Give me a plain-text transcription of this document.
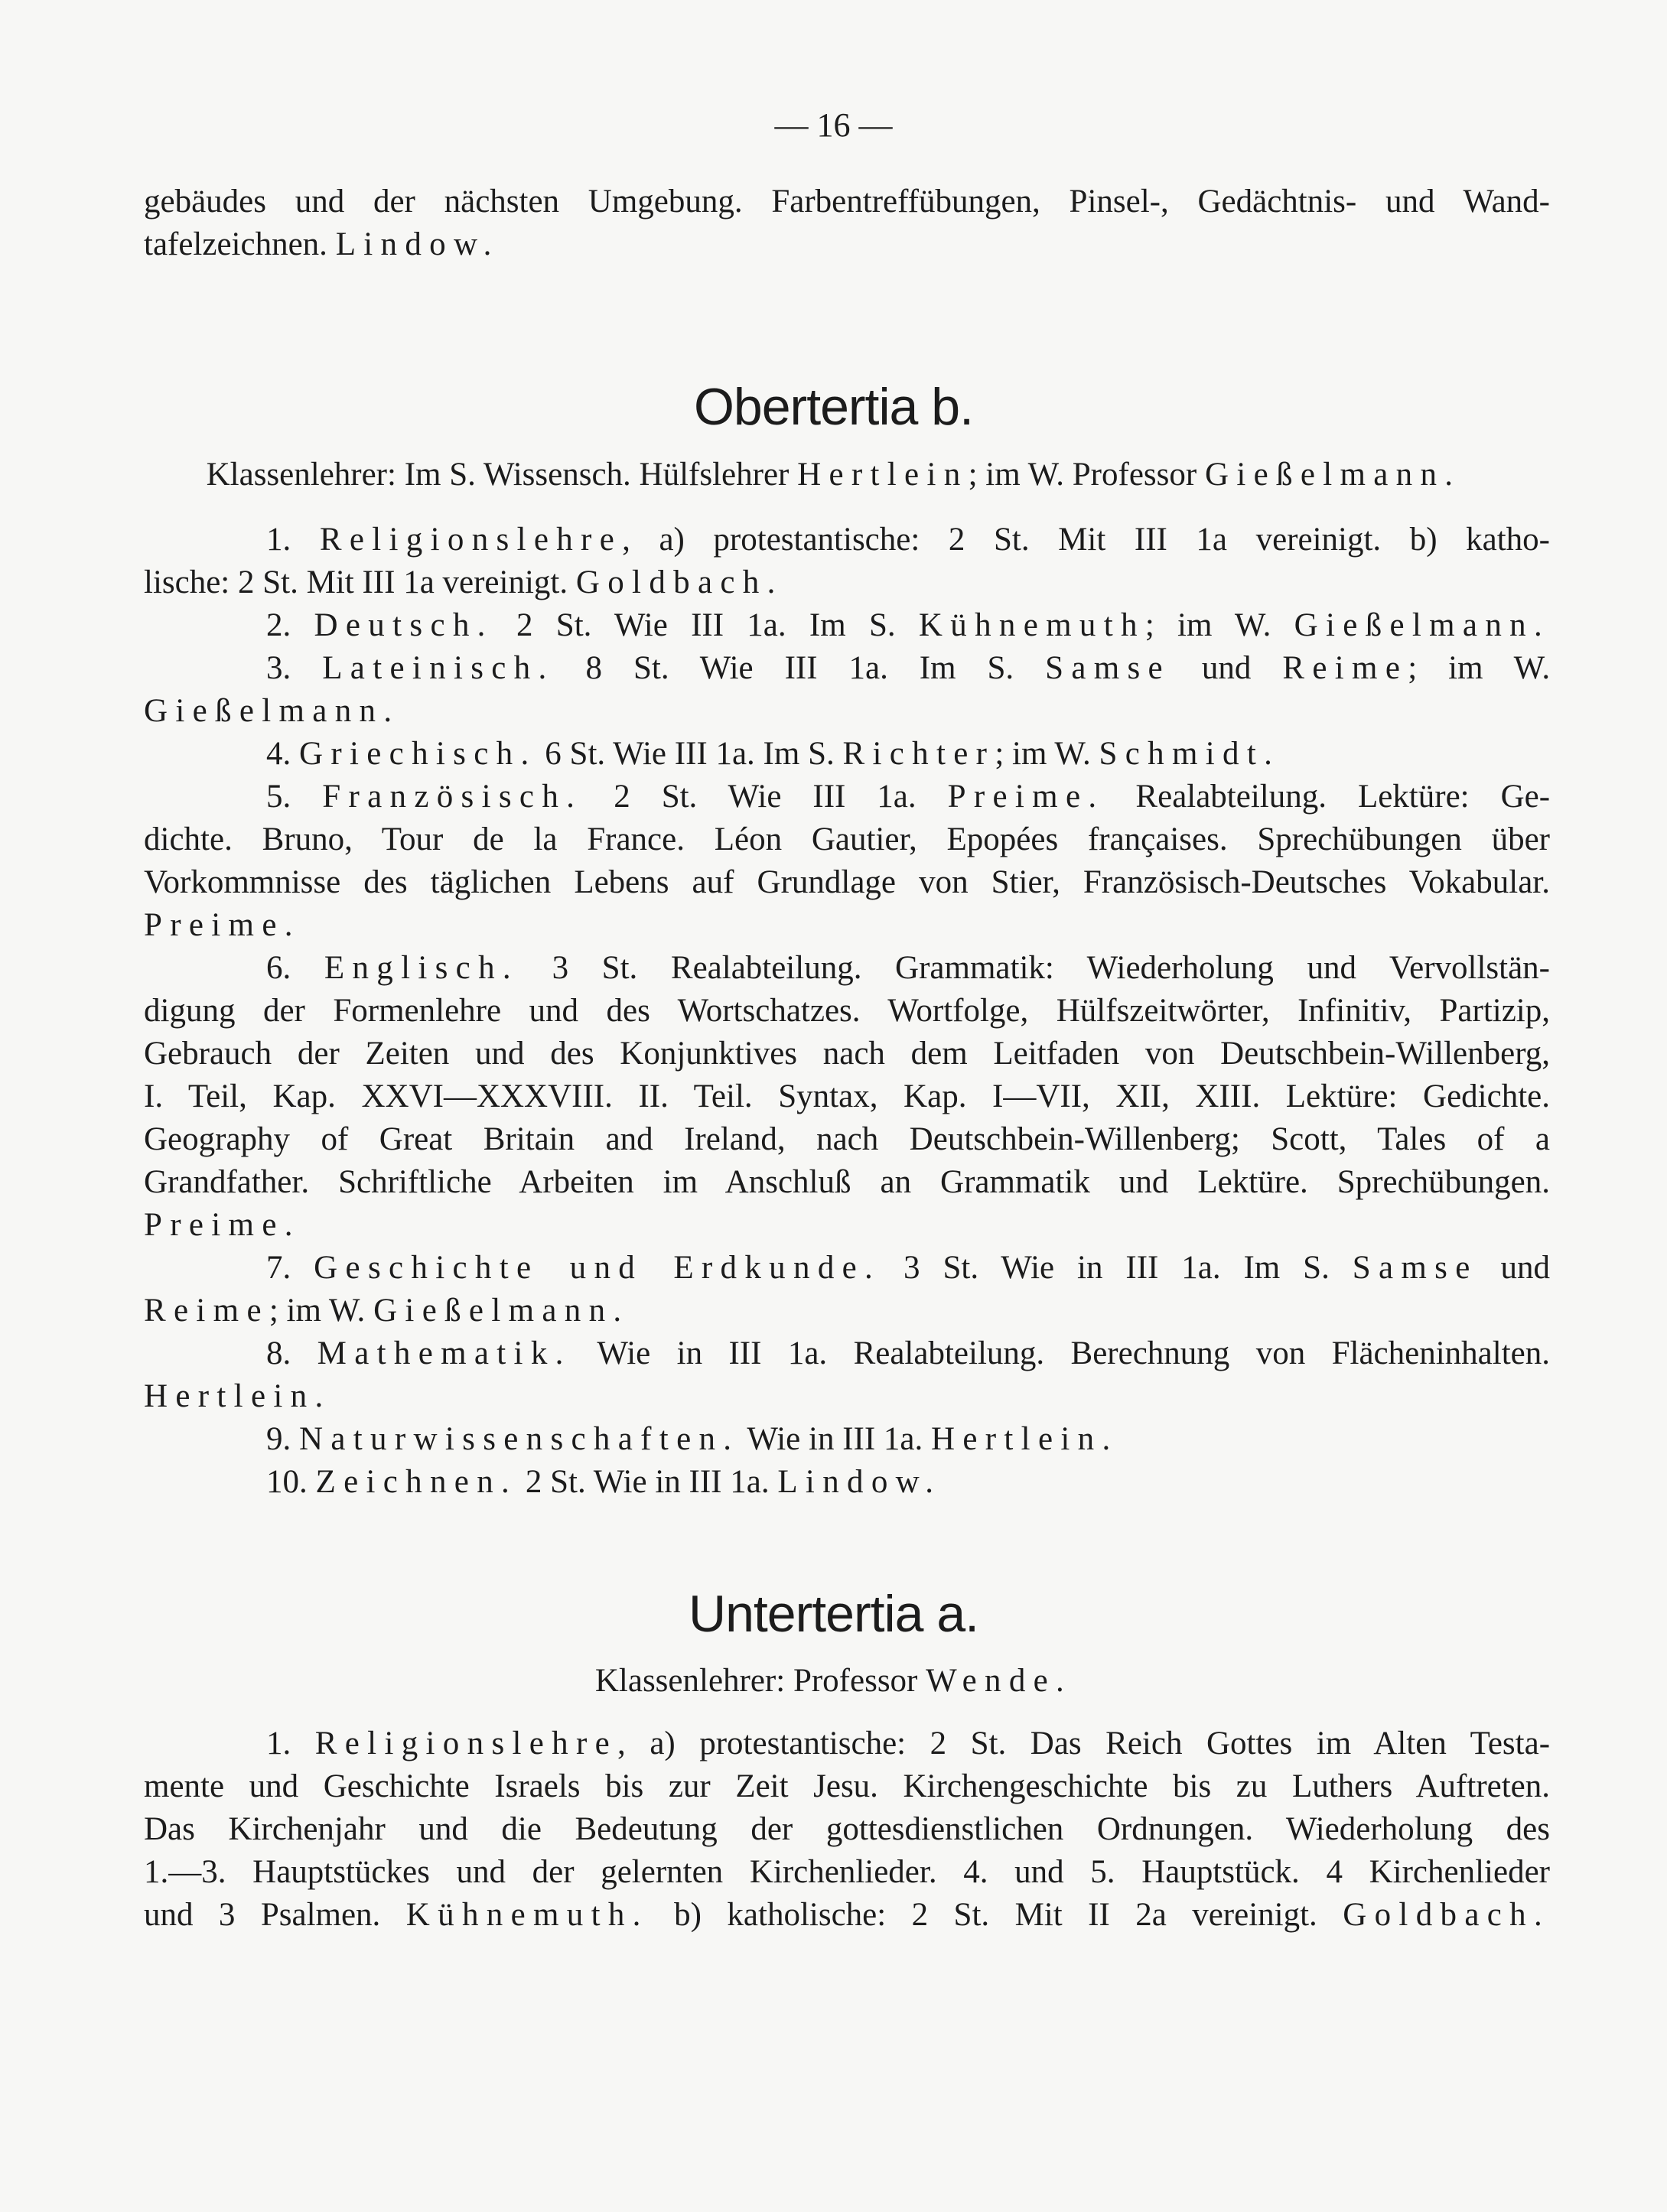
— 16 —
gebäudes und der nächsten Umgebung. Farbentreffübungen, Pinsel-, Gedächtnis- und Wand-
tafelzeichnen. Lindow.
Obertertia b.
Klassenlehrer: Im S. Wissensch. Hülfslehrer Hertlein; im W. Professor Gießelmann.
1. Religionslehre, a) protestantische: 2 St. Mit III 1a vereinigt. b) katho-
lische: 2 St. Mit III 1a vereinigt. Goldbach.
2. Deutsch. 2 St. Wie III 1a. Im S. Kühnemuth; im W. Gießelmann.
3. Lateinisch. 8 St. Wie III 1a. Im S. Samse und Reime; im W.
Gießelmann.
4. Griechisch. 6 St. Wie III 1a. Im S. Richter; im W. Schmidt.
5. Französisch. 2 St. Wie III 1a. Preime. Realabteilung. Lektüre: Ge-
dichte. Bruno, Tour de la France. Léon Gautier, Epopées françaises. Sprechübungen über
Vorkommnisse des täglichen Lebens auf Grundlage von Stier, Französisch-Deutsches Vokabular.
Preime.
6. Englisch. 3 St. Realabteilung. Grammatik: Wiederholung und Vervollstän-
digung der Formenlehre und des Wortschatzes. Wortfolge, Hülfszeitwörter, Infinitiv, Partizip,
Gebrauch der Zeiten und des Konjunktives nach dem Leitfaden von Deutschbein-Willenberg,
I. Teil, Kap. XXVI—XXXVIII. II. Teil. Syntax, Kap. I—VII, XII, XIII. Lektüre: Gedichte.
Geography of Great Britain and Ireland, nach Deutschbein-Willenberg; Scott, Tales of a
Grandfather. Schriftliche Arbeiten im Anschluß an Grammatik und Lektüre. Sprechübungen.
Preime.
7. Geschichte und Erdkunde. 3 St. Wie in III 1a. Im S. Samse und
Reime; im W. Gießelmann.
8. Mathematik. Wie in III 1a. Realabteilung. Berechnung von Flächeninhalten.
Hertlein.
9. Naturwissenschaften. Wie in III 1a. Hertlein.
10. Zeichnen. 2 St. Wie in III 1a. Lindow.
Untertertia a.
Klassenlehrer: Professor Wende.
1. Religionslehre, a) protestantische: 2 St. Das Reich Gottes im Alten Testa-
mente und Geschichte Israels bis zur Zeit Jesu. Kirchengeschichte bis zu Luthers Auftreten.
Das Kirchenjahr und die Bedeutung der gottesdienstlichen Ordnungen. Wiederholung des
1.—3. Hauptstückes und der gelernten Kirchenlieder. 4. und 5. Hauptstück. 4 Kirchenlieder
und 3 Psalmen. Kühnemuth. b) katholische: 2 St. Mit II 2a vereinigt. Goldbach.
